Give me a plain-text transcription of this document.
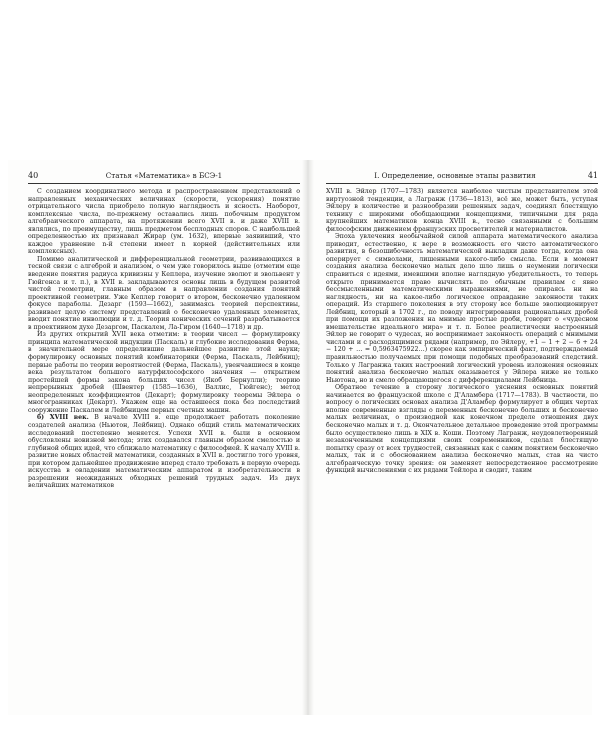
40	Статья «Математика» в БСЭ-1

С созданием координатного метода и распространением представлений о направленных механических величинах (скорости, ускорения) понятие отрицательного числа приобрело полную наглядность и ясность. Наоборот, комплексные числа, по-прежнему оставались лишь побочным продуктом алгебраического аппарата, на протяжении всего XVII в. и даже XVIII в. являлись, по преимуществу, лишь предметом бесплодных споров. С наибольшей определенностью их признавал Жирар (ум. 1632), впервые заявивший, что каждое уравнение n-й степени имеет n корней (действительных или комплексных).

Помимо аналитической и дифференциальной геометрии, развивающихся в тесной связи с алгеброй и анализом, о чем уже говорилось выше (отметим еще введение понятия радиуса кривизны у Кеплера, изучение эволют и эвольвент у Гюйгенса и т. п.), в XVII в. закладываются основы лишь в будущем развитой чистой геометрии, главным образом в направлении создания понятий проективной геометрии. Уже Кеплер говорит о втором, бесконечно удаленном фокусе параболы. Дезарг (1593—1662), занимаясь теорией перспективы, развивает целую систему представлений о бесконечно удаленных элементах, вводит понятие инволюции и т. д. Теория конических сечений разрабатывается в проективном духе Дезаргом, Паскалем, Ла-Гиром (1640—1718) и др.

Из других открытий XVII века отметим: в теории чисел — формулировку принципа математической индукции (Паскаль) и глубокие исследования Ферма, в значительной мере определившие дальнейшее развитие этой науки; формулировку основных понятий комбинаторики (Ферма, Паскаль, Лейбниц); первые работы по теории вероятностей (Ферма, Паскаль), увенчавшиеся в конце века результатом большого натурфилософского значения — открытием простейшей формы закона больших чисел (Якоб Бернулли); теорию непрерывных дробей (Швентер (1585—1636), Валлис, Гюйгенс); метод неопределенных коэффициентов (Декарт); формулировку теоремы Эйлера о многогранниках (Декарт). Укажем еще на оставшееся пока без последствий сооружение Паскалем и Лейбницем первых счетных машин.

б) XVIII век. В начале XVIII в. еще продолжает работать поколение создателей анализа (Ньютон, Лейбниц). Однако общий стиль математических исследований постепенно меняется. Успехи XVII в. были в основном обусловлены новизной метода; этих создавался главным образом смелостью и глубиной общих идей, что сближало математику с философией. К началу XVIII в. развитие новых областей математики, созданных в XVII в. достигло того уровня, при котором дальнейшее продвижение вперед стало требовать в первую очередь искусства в овладении математическим аппаратом и изобретательности в разрешении неожиданных обходных решений трудных задач. Из двух величайших математиков

I. Определение, основные этапы развития	41

XVIII в. Эйлер (1707—1783) является наиболее чистым представителем этой виртуозной тенденции, а Лагранж (1736—1813), всё же, может быть, уступая Эйлеру в количестве и разнообразии решенных задач, соединял блестящую технику с широкими обобщающими концепциями, типичными для ряда крупнейших математиков конца XVIII в., тесно связанными с большим философским движением французских просветителей и материалистов.

Эпоха увлечения необычайной силой аппарата математического анализа приводит, естественно, к вере в возможность его чисто автоматического развития, в безошибочность математической выкладки даже тогда, когда она оперирует с символами, лишенными какого-либо смысла. Если в момент создания анализа бесконечно малых дело шло лишь о неумении логически справиться с идеями, имевшими вполне наглядную убедительность, то теперь открыто принимается право вычислять по обычным правилам с явно бессмысленными математическими выражениями, не опираясь ни на наглядность, ни на какое-либо логическое оправдание законности таких операций. Из старшего поколения в эту сторону все больше эволюционирует Лейбниц, который в 1702 г., по поводу интегрирования рациональных дробей при помощи их разложения на мнимые простые дроби, говорит о «чудесном вмешательстве идеального мира» и т. п. Более реалистически настроенный Эйлер не говорит о чудесах, но воспринимает законность операций с мнимыми числами и с расходящимися рядами (например, по Эйлеру, +1 − 1 + 2 − 6 + 24 − 120 + … = 0,5963475922…) скорее как эмпирический факт, подтверждаемый правильностью получаемых при помощи подобных преобразований следствий. Только у Лагранжа таких настроений логический уровень изложения основных понятий анализа бесконечно малых оказывается у Эйлера ниже не только Ньютона, но и смело обращающегося с дифференциалами Лейбница.

Обратное течение в сторону логического уяснения основных понятий начинается во французской школе с Д'Аламбера (1717—1783). В частности, по вопросу о логических основах анализа Д'Аламбер формулирует в общих чертах вполне современные взгляды о переменных бесконечно больших и бесконечно малых величинах, о производной как конечном пределе отношения двух бесконечно малых и т. д. Окончательное детальное проведение этой программы было осуществлено лишь в XIX в. Коши. Поэтому Лагранж, неудовлетворенный незаконченными концепциями своих современников, сделал блестящую попытку сразу от всех трудностей, связанных как с самим понятием бесконечно малых, так и с обоснованием анализа бесконечно малых, став на чисто алгебраическую точку зрения: он заменяет непосредственное рассмотрение функций вычислениями с их рядами Тейлора и сводит, таким
